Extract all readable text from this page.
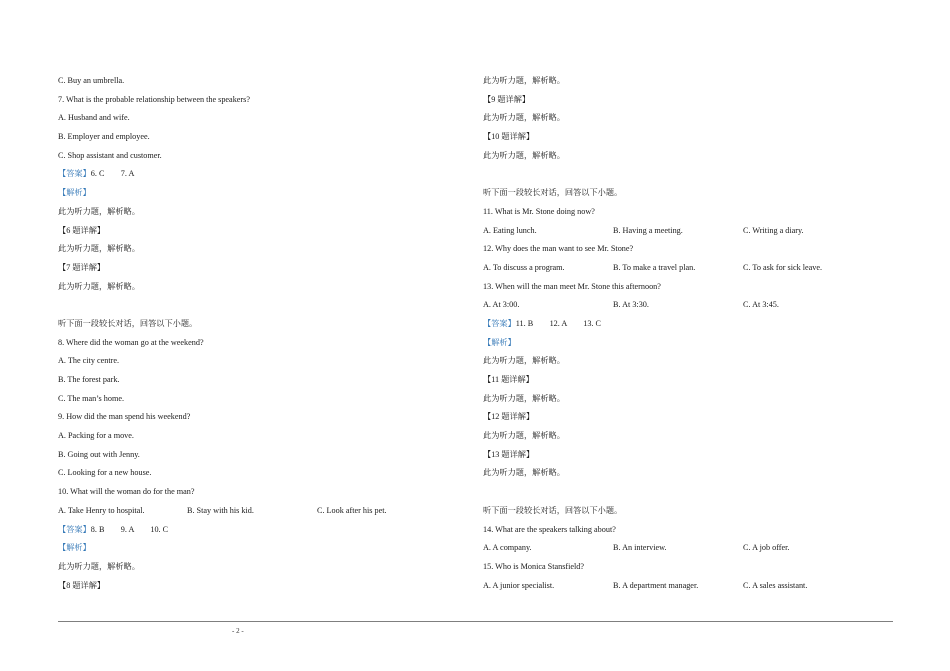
C. Buy an umbrella.
7. What is the probable relationship between the speakers?
A. Husband and wife.
B. Employer and employee.
C. Shop assistant and customer.
【答案】6. C        7. A
【解析】
此为听力题，解析略。
【6 题详解】
此为听力题，解析略。
【7 题详解】
此为听力题，解析略。
听下面一段较长对话，回答以下小题。
8. Where did the woman go at the weekend?
A. The city centre.
B. The forest park.
C. The man’s home.
9. How did the man spend his weekend?
A. Packing for a move.
B. Going out with Jenny.
C. Looking for a new house.
10. What will the woman do for the man?
A. Take Henry to hospital.	B. Stay with his kid.	C. Look after his pet.
【答案】8. B        9. A        10. C
【解析】
此为听力题，解析略。
【8 题详解】
此为听力题，解析略。
【9 题详解】
此为听力题，解析略。
【10 题详解】
此为听力题，解析略。
听下面一段较长对话，回答以下小题。
11. What is Mr. Stone doing now?
A. Eating lunch.	B. Having a meeting.	C. Writing a diary.
12. Why does the man want to see Mr. Stone?
A. To discuss a program.	B. To make a travel plan.	C. To ask for sick leave.
13. When will the man meet Mr. Stone this afternoon?
A. At 3:00.	B. At 3:30.	C. At 3:45.
【答案】11. B        12. A        13. C
【解析】
此为听力题，解析略。
【11 题详解】
此为听力题，解析略。
【12 题详解】
此为听力题，解析略。
【13 题详解】
此为听力题，解析略。
听下面一段较长对话，回答以下小题。
14. What are the speakers talking about?
A. A company.	B. An interview.	C. A job offer.
15. Who is Monica Stansfield?
A. A junior specialist.	B. A department manager.	C. A sales assistant.
- 2 -
